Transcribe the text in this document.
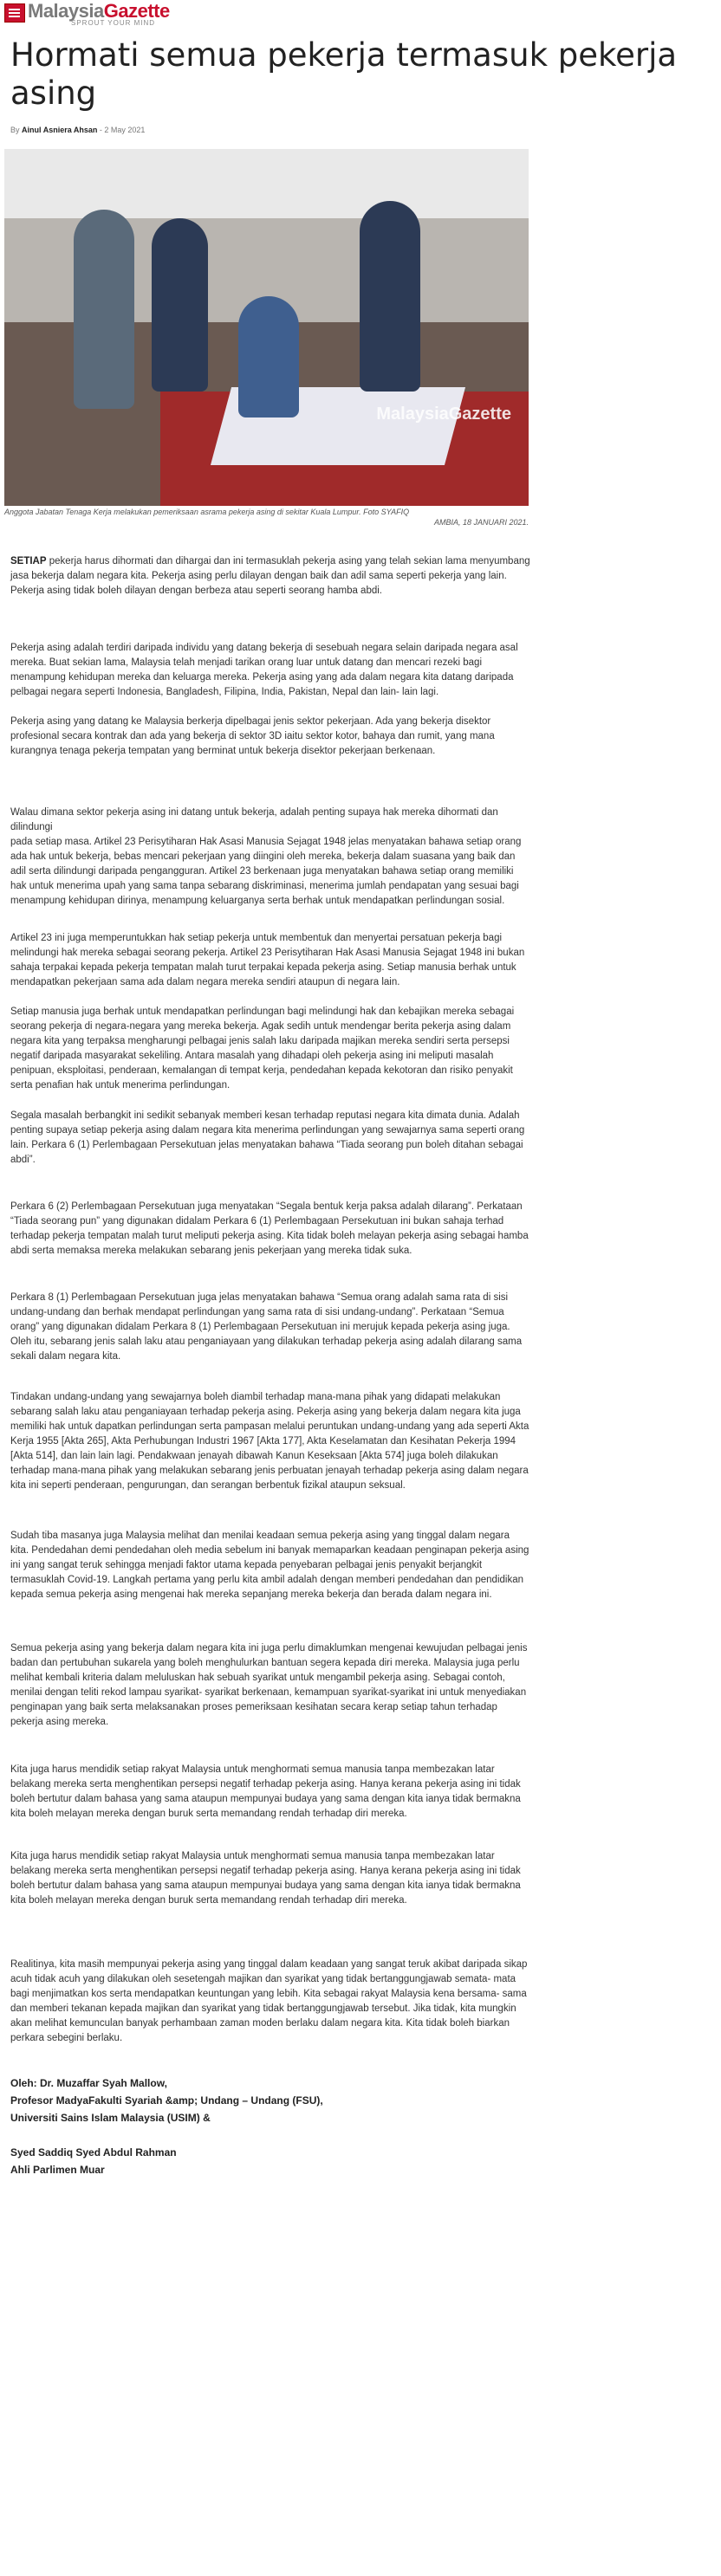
MalaysiaGazette
SPROUT YOUR MIND
Hormati semua pekerja termasuk pekerja asing
By Ainul Asniera Ahsan - 2 May 2021
MalaysiaGazette
Anggota Jabatan Tenaga Kerja melakukan pemeriksaan asrama pekerja asing di sekitar Kuala Lumpur. Foto SYAFIQ
AMBIA, 18 JANUARI 2021.

SETIAP pekerja harus dihormati dan dihargai dan ini termasuklah pekerja asing yang telah sekian lama menyumbang jasa bekerja dalam negara kita. Pekerja asing perlu dilayan dengan baik dan adil sama seperti pekerja yang lain. Pekerja asing tidak boleh dilayan dengan berbeza atau seperti seorang hamba abdi.

Pekerja asing adalah terdiri daripada individu yang datang bekerja di sesebuah negara selain daripada negara asal mereka. Buat sekian lama, Malaysia telah menjadi tarikan orang luar untuk datang dan mencari rezeki bagi menampung kehidupan mereka dan keluarga mereka. Pekerja asing yang ada dalam negara kita datang daripada pelbagai negara seperti Indonesia, Bangladesh, Filipina, India, Pakistan, Nepal dan lain- lain lagi.

Pekerja asing yang datang ke Malaysia berkerja dipelbagai jenis sektor pekerjaan. Ada yang bekerja disektor profesional secara kontrak dan ada yang bekerja di sektor 3D iaitu sektor kotor, bahaya dan rumit, yang mana kurangnya tenaga pekerja tempatan yang berminat untuk bekerja disektor pekerjaan berkenaan.

Walau dimana sektor pekerja asing ini datang untuk bekerja, adalah penting supaya hak mereka dihormati dan dilindungi
pada setiap masa. Artikel 23 Perisytiharan Hak Asasi Manusia Sejagat 1948 jelas menyatakan bahawa setiap orang ada hak untuk bekerja, bebas mencari pekerjaan yang diingini oleh mereka, bekerja dalam suasana yang baik dan adil serta dilindungi daripada pengangguran. Artikel 23 berkenaan juga menyatakan bahawa setiap orang memiliki hak untuk menerima upah yang sama tanpa sebarang diskriminasi, menerima jumlah pendapatan yang sesuai bagi menampung kehidupan dirinya, menampung keluarganya serta berhak untuk mendapatkan perlindungan sosial.

Artikel 23 ini juga memperuntukkan hak setiap pekerja untuk membentuk dan menyertai persatuan pekerja bagi melindungi hak mereka sebagai seorang pekerja. Artikel 23 Perisytiharan Hak Asasi Manusia Sejagat 1948 ini bukan sahaja terpakai kepada pekerja tempatan malah turut terpakai kepada pekerja asing. Setiap manusia berhak untuk mendapatkan pekerjaan sama ada dalam negara mereka sendiri ataupun di negara lain.

Setiap manusia juga berhak untuk mendapatkan perlindungan bagi melindungi hak dan kebajikan mereka sebagai seorang pekerja di negara-negara yang mereka bekerja. Agak sedih untuk mendengar berita pekerja asing dalam negara kita yang terpaksa mengharungi pelbagai jenis salah laku daripada majikan mereka sendiri serta persepsi negatif daripada masyarakat sekeliling. Antara masalah yang dihadapi oleh pekerja asing ini meliputi masalah penipuan, eksploitasi, penderaan, kemalangan di tempat kerja, pendedahan kepada kekotoran dan risiko penyakit serta penafian hak untuk menerima perlindungan.

Segala masalah berbangkit ini sedikit sebanyak memberi kesan terhadap reputasi negara kita dimata dunia. Adalah penting supaya setiap pekerja asing dalam negara kita menerima perlindungan yang sewajarnya sama seperti orang lain. Perkara 6 (1) Perlembagaan Persekutuan jelas menyatakan bahawa “Tiada seorang pun boleh ditahan sebagai abdi”.

Perkara 6 (2) Perlembagaan Persekutuan juga menyatakan “Segala bentuk kerja paksa adalah dilarang”. Perkataan “Tiada seorang pun” yang digunakan didalam Perkara 6 (1) Perlembagaan Persekutuan ini bukan sahaja terhad terhadap pekerja tempatan malah turut meliputi pekerja asing. Kita tidak boleh melayan pekerja asing sebagai hamba abdi serta memaksa mereka melakukan sebarang jenis pekerjaan yang mereka tidak suka.

Perkara 8 (1) Perlembagaan Persekutuan juga jelas menyatakan bahawa “Semua orang adalah sama rata di sisi undang-undang dan berhak mendapat perlindungan yang sama rata di sisi undang-undang”. Perkataan “Semua orang” yang digunakan didalam Perkara 8 (1) Perlembagaan Persekutuan ini merujuk kepada pekerja asing juga. Oleh itu, sebarang jenis salah laku atau penganiayaan yang dilakukan terhadap pekerja asing adalah dilarang sama sekali dalam negara kita.

Tindakan undang-undang yang sewajarnya boleh diambil terhadap mana-mana pihak yang didapati melakukan sebarang salah laku atau penganiayaan terhadap pekerja asing. Pekerja asing yang bekerja dalam negara kita juga memiliki hak untuk dapatkan perlindungan serta pampasan melalui peruntukan undang-undang yang ada seperti Akta Kerja 1955 [Akta 265], Akta Perhubungan Industri 1967 [Akta 177], Akta Keselamatan dan Kesihatan Pekerja 1994 [Akta 514], dan lain lain lagi. Pendakwaan jenayah dibawah Kanun Keseksaan [Akta 574] juga boleh dilakukan terhadap mana-mana pihak yang melakukan sebarang jenis perbuatan jenayah terhadap pekerja asing dalam negara kita ini seperti penderaan, pengurungan, dan serangan berbentuk fizikal ataupun seksual.

Sudah tiba masanya juga Malaysia melihat dan menilai keadaan semua pekerja asing yang tinggal dalam negara kita. Pendedahan demi pendedahan oleh media sebelum ini banyak memaparkan keadaan penginapan pekerja asing ini yang sangat teruk sehingga menjadi faktor utama kepada penyebaran pelbagai jenis penyakit berjangkit termasuklah Covid-19. Langkah pertama yang perlu kita ambil adalah dengan memberi pendedahan dan pendidikan kepada semua pekerja asing mengenai hak mereka sepanjang mereka bekerja dan berada dalam negara ini.

Semua pekerja asing yang bekerja dalam negara kita ini juga perlu dimaklumkan mengenai kewujudan pelbagai jenis badan dan pertubuhan sukarela yang boleh menghulurkan bantuan segera kepada diri mereka. Malaysia juga perlu melihat kembali kriteria dalam meluluskan hak sebuah syarikat untuk mengambil pekerja asing. Sebagai contoh, menilai dengan teliti rekod lampau syarikat- syarikat berkenaan, kemampuan syarikat-syarikat ini untuk menyediakan penginapan yang baik serta melaksanakan proses pemeriksaan kesihatan secara kerap setiap tahun terhadap pekerja asing mereka.

Kita juga harus mendidik setiap rakyat Malaysia untuk menghormati semua manusia tanpa membezakan latar belakang mereka serta menghentikan persepsi negatif terhadap pekerja asing. Hanya kerana pekerja asing ini tidak boleh bertutur dalam bahasa yang sama ataupun mempunyai budaya yang sama dengan kita ianya tidak bermakna kita boleh melayan mereka dengan buruk serta memandang rendah terhadap diri mereka.

Kita juga harus mendidik setiap rakyat Malaysia untuk menghormati semua manusia tanpa membezakan latar belakang mereka serta menghentikan persepsi negatif terhadap pekerja asing. Hanya kerana pekerja asing ini tidak boleh bertutur dalam bahasa yang sama ataupun mempunyai budaya yang sama dengan kita ianya tidak bermakna kita boleh melayan mereka dengan buruk serta memandang rendah terhadap diri mereka.

Realitinya, kita masih mempunyai pekerja asing yang tinggal dalam keadaan yang sangat teruk akibat daripada sikap acuh tidak acuh yang dilakukan oleh sesetengah majikan dan syarikat yang tidak bertanggungjawab semata- mata bagi menjimatkan kos serta mendapatkan keuntungan yang lebih. Kita sebagai rakyat Malaysia kena bersama- sama dan memberi tekanan kepada majikan dan syarikat yang tidak bertanggungjawab tersebut. Jika tidak, kita mungkin akan melihat kemunculan banyak perhambaan zaman moden berlaku dalam negara kita. Kita tidak boleh biarkan perkara sebegini berlaku.

Oleh: Dr. Muzaffar Syah Mallow,

Profesor MadyaFakulti Syariah &amp; Undang – Undang (FSU),

Universiti Sains Islam Malaysia (USIM) &

Syed Saddiq Syed Abdul Rahman

Ahli Parlimen Muar
